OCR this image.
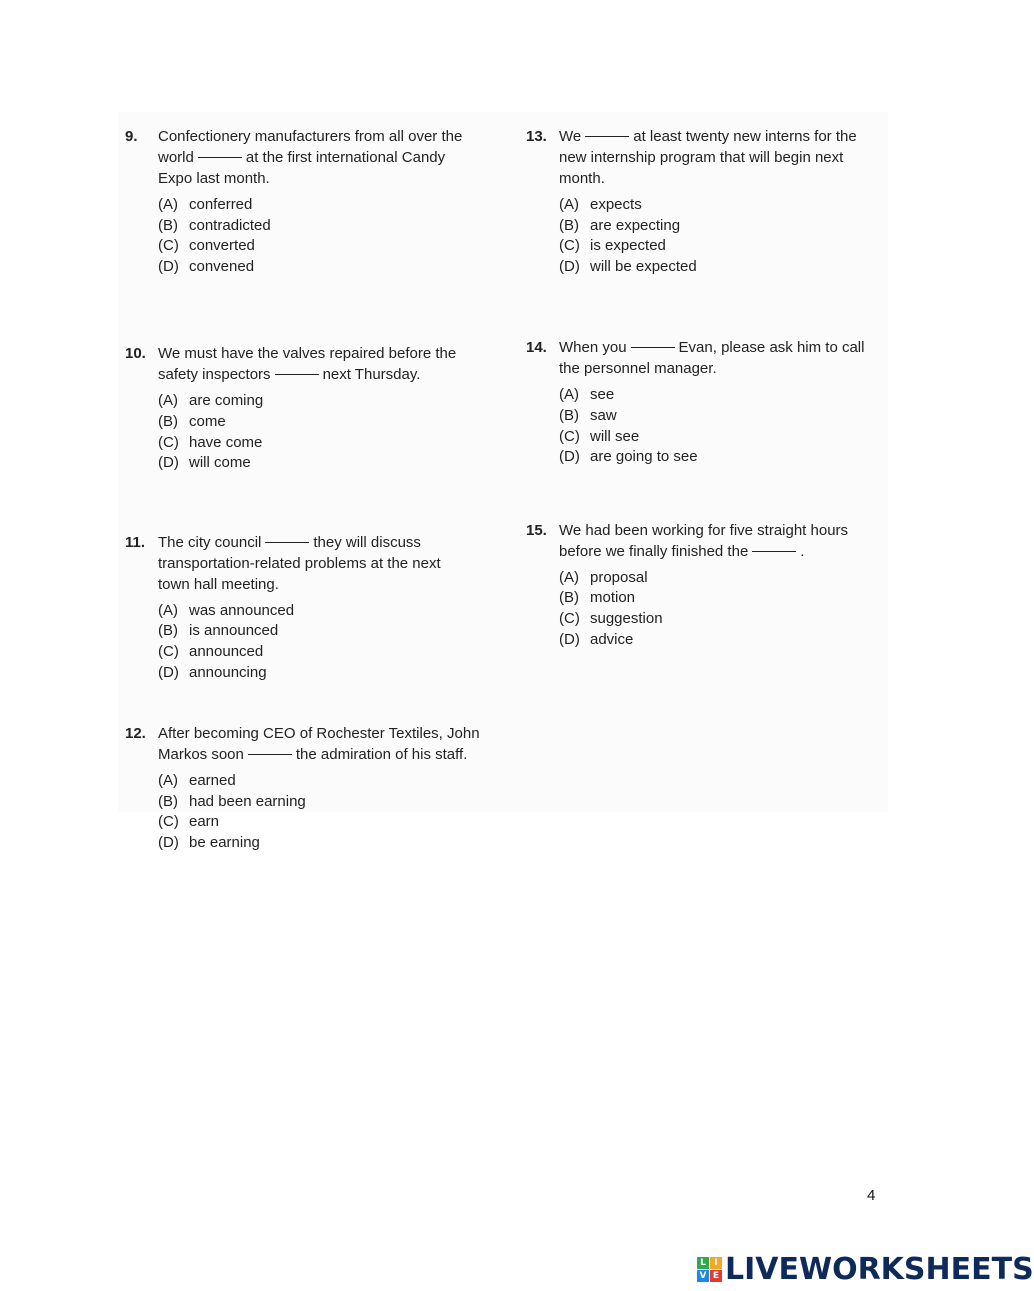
9.	Confectionery manufacturers from all over the
world	at the first international Candy
Expo last month.
(A) conferred
(B) contradicted
(C) converted
(D) convened
10. We must have the valves repaired before the
safety inspectors	next Thursday.
(A) are coming
(B) come
(C) have come
(D) will come
11. The city council	they will discuss
transportation-related problems at the next
town hall meeting.
(A) was announced
(B) is announced
(C) announced
(D) announcing
12. After becoming CEO of Rochester Textiles, John
Markos soon	the admiration of his staff.
(A) earned
(B) had been earning
(C) earn
(D) be earning
13. We	at least twenty new interns for the
new internship program that will begin next
month.
(A) expects
(B) are expecting
(C) is expected
(D) will be expected
14. When you	Evan, please ask him to call
the personnel manager.
(A) see
(B) saw
(C) will see
(D) are going to see
15. We had been working for five straight hours
before we finally finished the	.
(A) proposal
(B) motion
(C) suggestion
(D) advice
4
L I
V E LIVEWORKSHEETS
